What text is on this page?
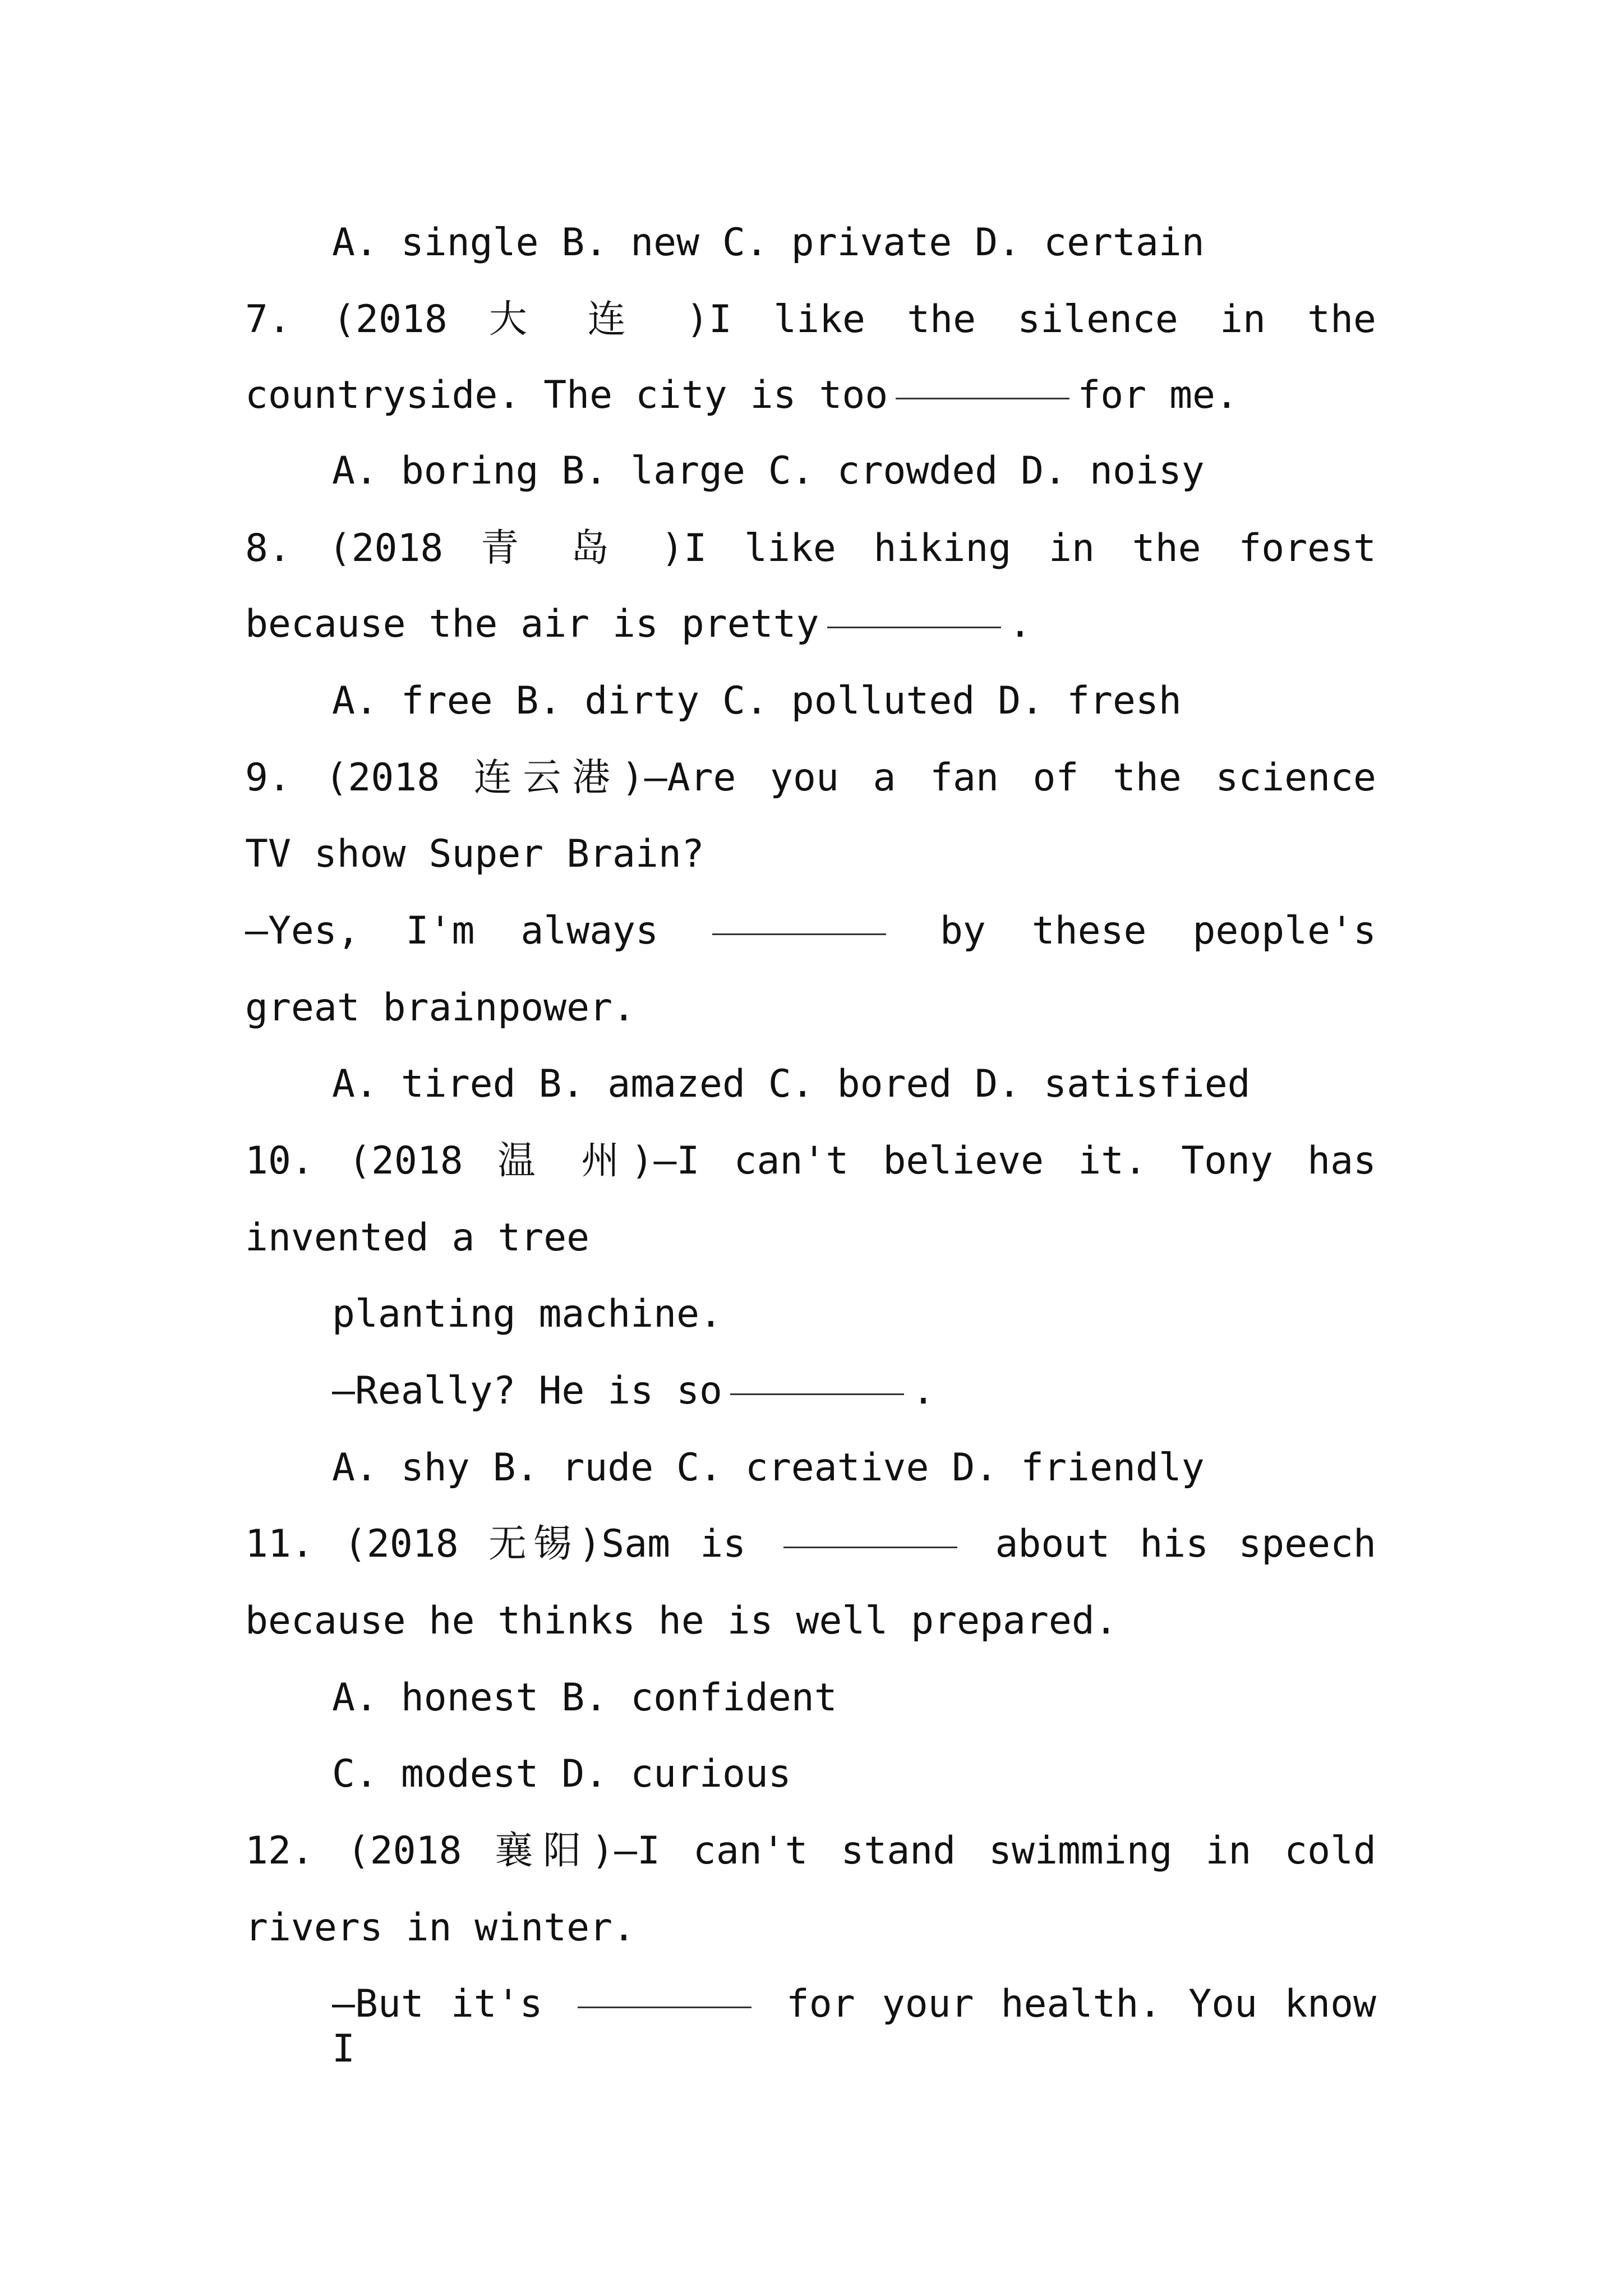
A. single B. new C. private D. certain
7. (2018 大 连 )I like the silence in the
countryside. The city is too	for me.
A. boring B. large C. crowded D. noisy
8. (2018 青 岛 )I like hiking in the forest
because the air is pretty	.
A. free B. dirty C. polluted D. fresh
9. (2018 连云港)—Are you a fan of the science
TV show Super Brain?
—Yes, I'm always	by these people's
great brainpower.
A. tired B. amazed C. bored D. satisfied
10. (2018 温 州)—I can't believe it. Tony has
invented a tree
planting machine.
—Really? He is so	.
A. shy B. rude C. creative D. friendly
11. (2018 无锡)Sam is	about his speech
because he thinks he is well prepared.
A. honest B. confident
C. modest D. curious
12. (2018 襄阳)—I can't stand swimming in cold
rivers in winter.
—But it's	for your health. You know I
